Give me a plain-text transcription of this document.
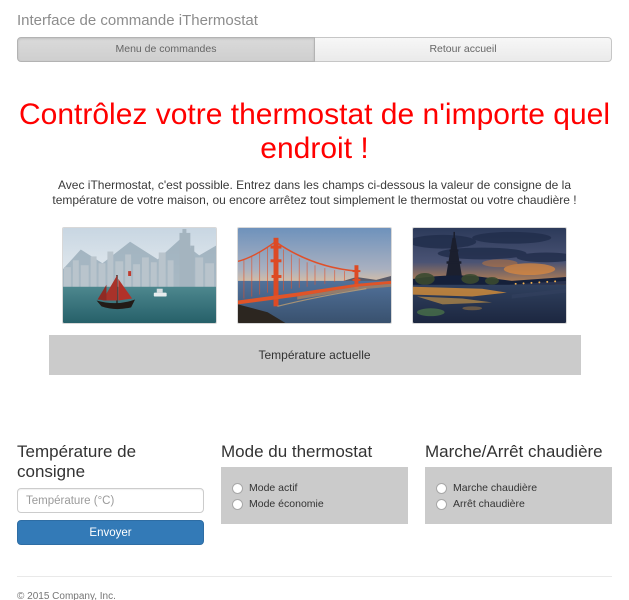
Interface de commande iThermostat
Menu de commandes	Retour accueil
Contrôlez votre thermostat de n'importe quel endroit !

Avec iThermostat, c'est possible. Entrez dans les champs ci-dessous la valeur de consigne de la température de votre maison, ou encore arrêtez tout simplement le thermostat ou votre chaudière !

Température actuelle
Température de consigne
Température (°C) Envoyer
Mode du thermostat
Mode actif
Mode économie
Marche/Arrêt chaudière
Marche chaudière
Arrêt chaudière
© 2015 Company, Inc.
